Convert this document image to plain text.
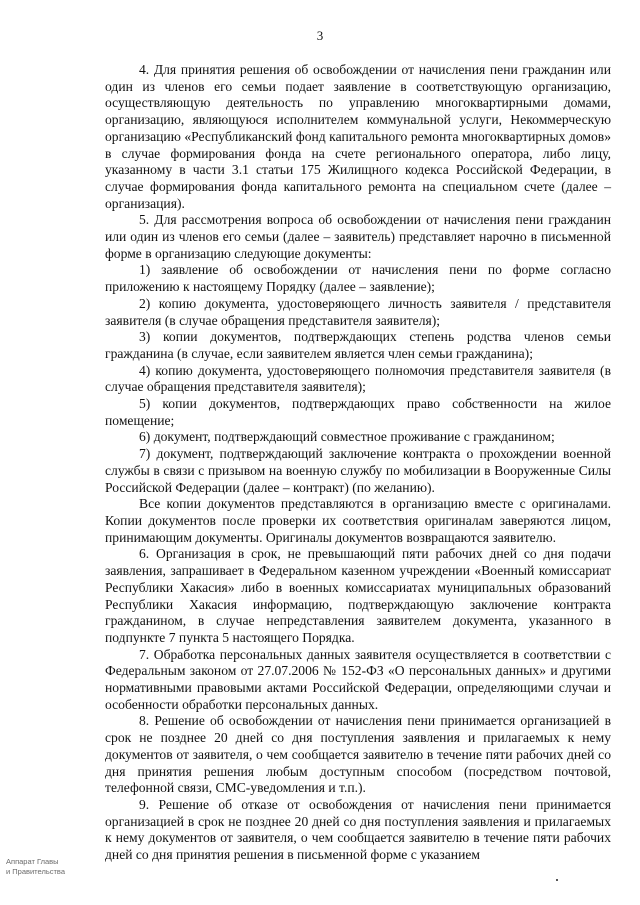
3

4. Для принятия решения об освобождении от начисления пени гражданин или один из членов его семьи подает заявление в соответствующую организацию, осуществляющую деятельность по управлению многоквартирными домами, организацию, являющуюся исполнителем коммунальной услуги, Некоммерческую организацию «Республиканский фонд капитального ремонта многоквартирных домов» в случае формирования фонда на счете регионального оператора, либо лицу, указанному в части 3.1 статьи 175 Жилищного кодекса Российской Федерации, в случае формирования фонда капитального ремонта на специальном счете (далее – организация).

5. Для рассмотрения вопроса об освобождении от начисления пени гражданин или один из членов его семьи (далее – заявитель) представляет нарочно в письменной форме в организацию следующие документы:

1) заявление об освобождении от начисления пени по форме согласно приложению к настоящему Порядку (далее – заявление);

2) копию документа, удостоверяющего личность заявителя / представителя заявителя (в случае обращения представителя заявителя);

3) копии документов, подтверждающих степень родства членов семьи гражданина (в случае, если заявителем является член семьи гражданина);

4) копию документа, удостоверяющего полномочия представителя заявителя (в случае обращения представителя заявителя);

5) копии документов, подтверждающих право собственности на жилое помещение;

6) документ, подтверждающий совместное проживание с гражданином;

7) документ, подтверждающий заключение контракта о прохождении военной службы в связи с призывом на военную службу по мобилизации в Вооруженные Силы Российской Федерации (далее – контракт) (по желанию).

Все копии документов представляются в организацию вместе с оригиналами. Копии документов после проверки их соответствия оригиналам заверяются лицом, принимающим документы. Оригиналы документов возвращаются заявителю.

6. Организация в срок, не превышающий пяти рабочих дней со дня подачи заявления, запрашивает в Федеральном казенном учреждении «Военный комиссариат Республики Хакасия» либо в военных комиссариатах муниципальных образований Республики Хакасия информацию, подтверждающую заключение контракта гражданином, в случае непредставления заявителем документа, указанного в подпункте 7 пункта 5 настоящего Порядка.

7. Обработка персональных данных заявителя осуществляется в соответствии с Федеральным законом от 27.07.2006 № 152-ФЗ «О персональных данных» и другими нормативными правовыми актами Российской Федерации, определяющими случаи и особенности обработки персональных данных.

8. Решение об освобождении от начисления пени принимается организацией в срок не позднее 20 дней со дня поступления заявления и прилагаемых к нему документов от заявителя, о чем сообщается заявителю в течение пяти рабочих дней со дня принятия решения любым доступным способом (посредством почтовой, телефонной связи, СМС-уведомления и т.п.).

9. Решение об отказе от освобождения от начисления пени принимается организацией в срок не позднее 20 дней со дня поступления заявления и прилагаемых к нему документов от заявителя, о чем сообщается заявителю в течение пяти рабочих дней со дня принятия решения в письменной форме с указанием

Аппарат Главы
и Правительства
